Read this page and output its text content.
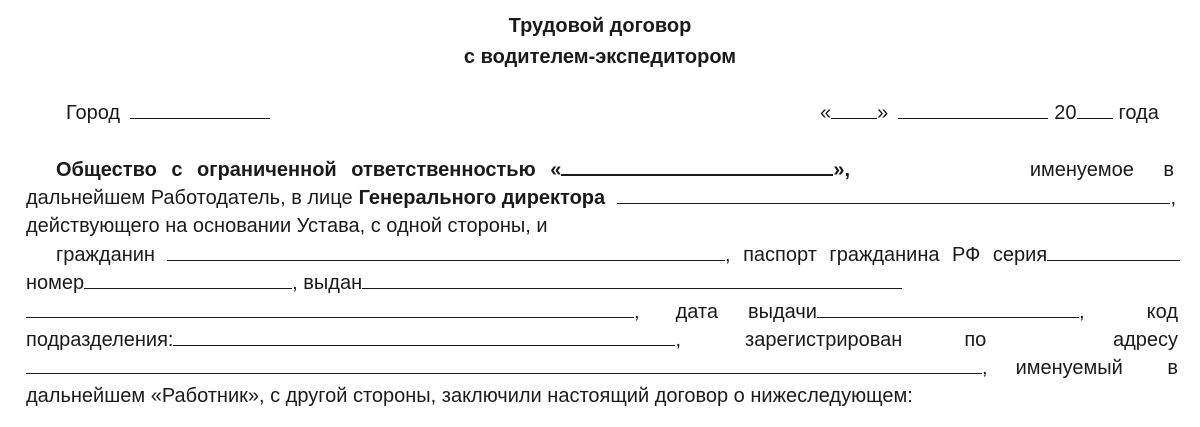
Трудовой договор
с водителем-экспедитором
Город	« »	20 года
Общество с ограниченной ответственностью «	»,	именуемое в
дальнейшем Работодатель, в лице Генерального директора	,
действующего на основании Устава, с одной стороны, и
гражданин	, паспорт гражданина РФ серия
номер	, выдан
, дата выдачи	,	код
подразделения:	,	зарегистрирован	по	адресу
, именуемый в
дальнейшем «Работник», с другой стороны, заключили настоящий договор о нижеследующем:
